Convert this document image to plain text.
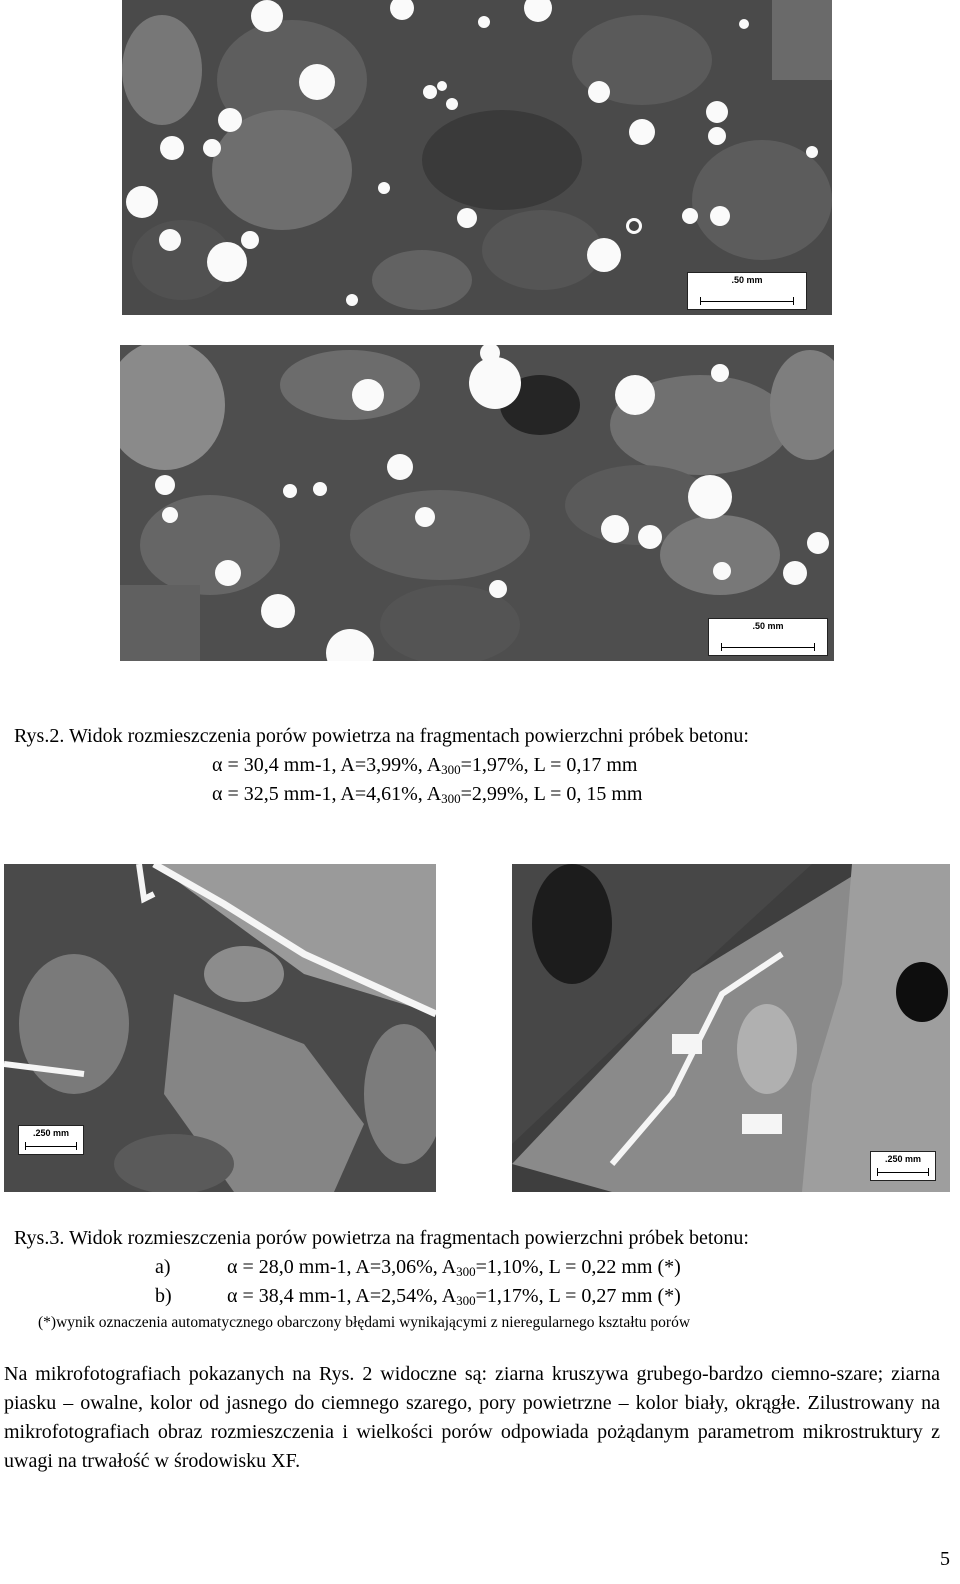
.50 mm
.50 mm
Rys.2. Widok rozmieszczenia porów powietrza na fragmentach powierzchni próbek betonu:
α = 30,4 mm-1, A=3,99%, $A_{300}=1,97\%$, L = 0,17 mm
α = 32,5 mm-1, A=4,61%, $A_{300}=2,99\%$, L = 0, 15 mm
.250 mm
.250 mm
Rys.3. Widok rozmieszczenia porów powietrza na fragmentach powierzchni próbek betonu:
a)	α = 28,0 mm-1, A=3,06%, $A_{300}=1,10\%$, L = 0,22 mm (*)
b)	α = 38,4 mm-1, A=2,54%, $A_{300}=1,17\%$, L = 0,27 mm (*)
(*)wynik oznaczenia automatycznego obarczony błędami wynikającymi z nieregularnego kształtu porów
Na mikrofotografiach pokazanych na Rys. 2 widoczne są: ziarna kruszywa grubego-bardzo ciemno-szare; ziarna piasku – owalne, kolor od jasnego do ciemnego szarego, pory powietrzne – kolor biały, okrągłe. Zilustrowany na mikrofotografiach obraz rozmieszczenia i wielkości porów odpowiada pożądanym parametrom mikrostruktury z uwagi na trwałość w środowisku XF.
5
